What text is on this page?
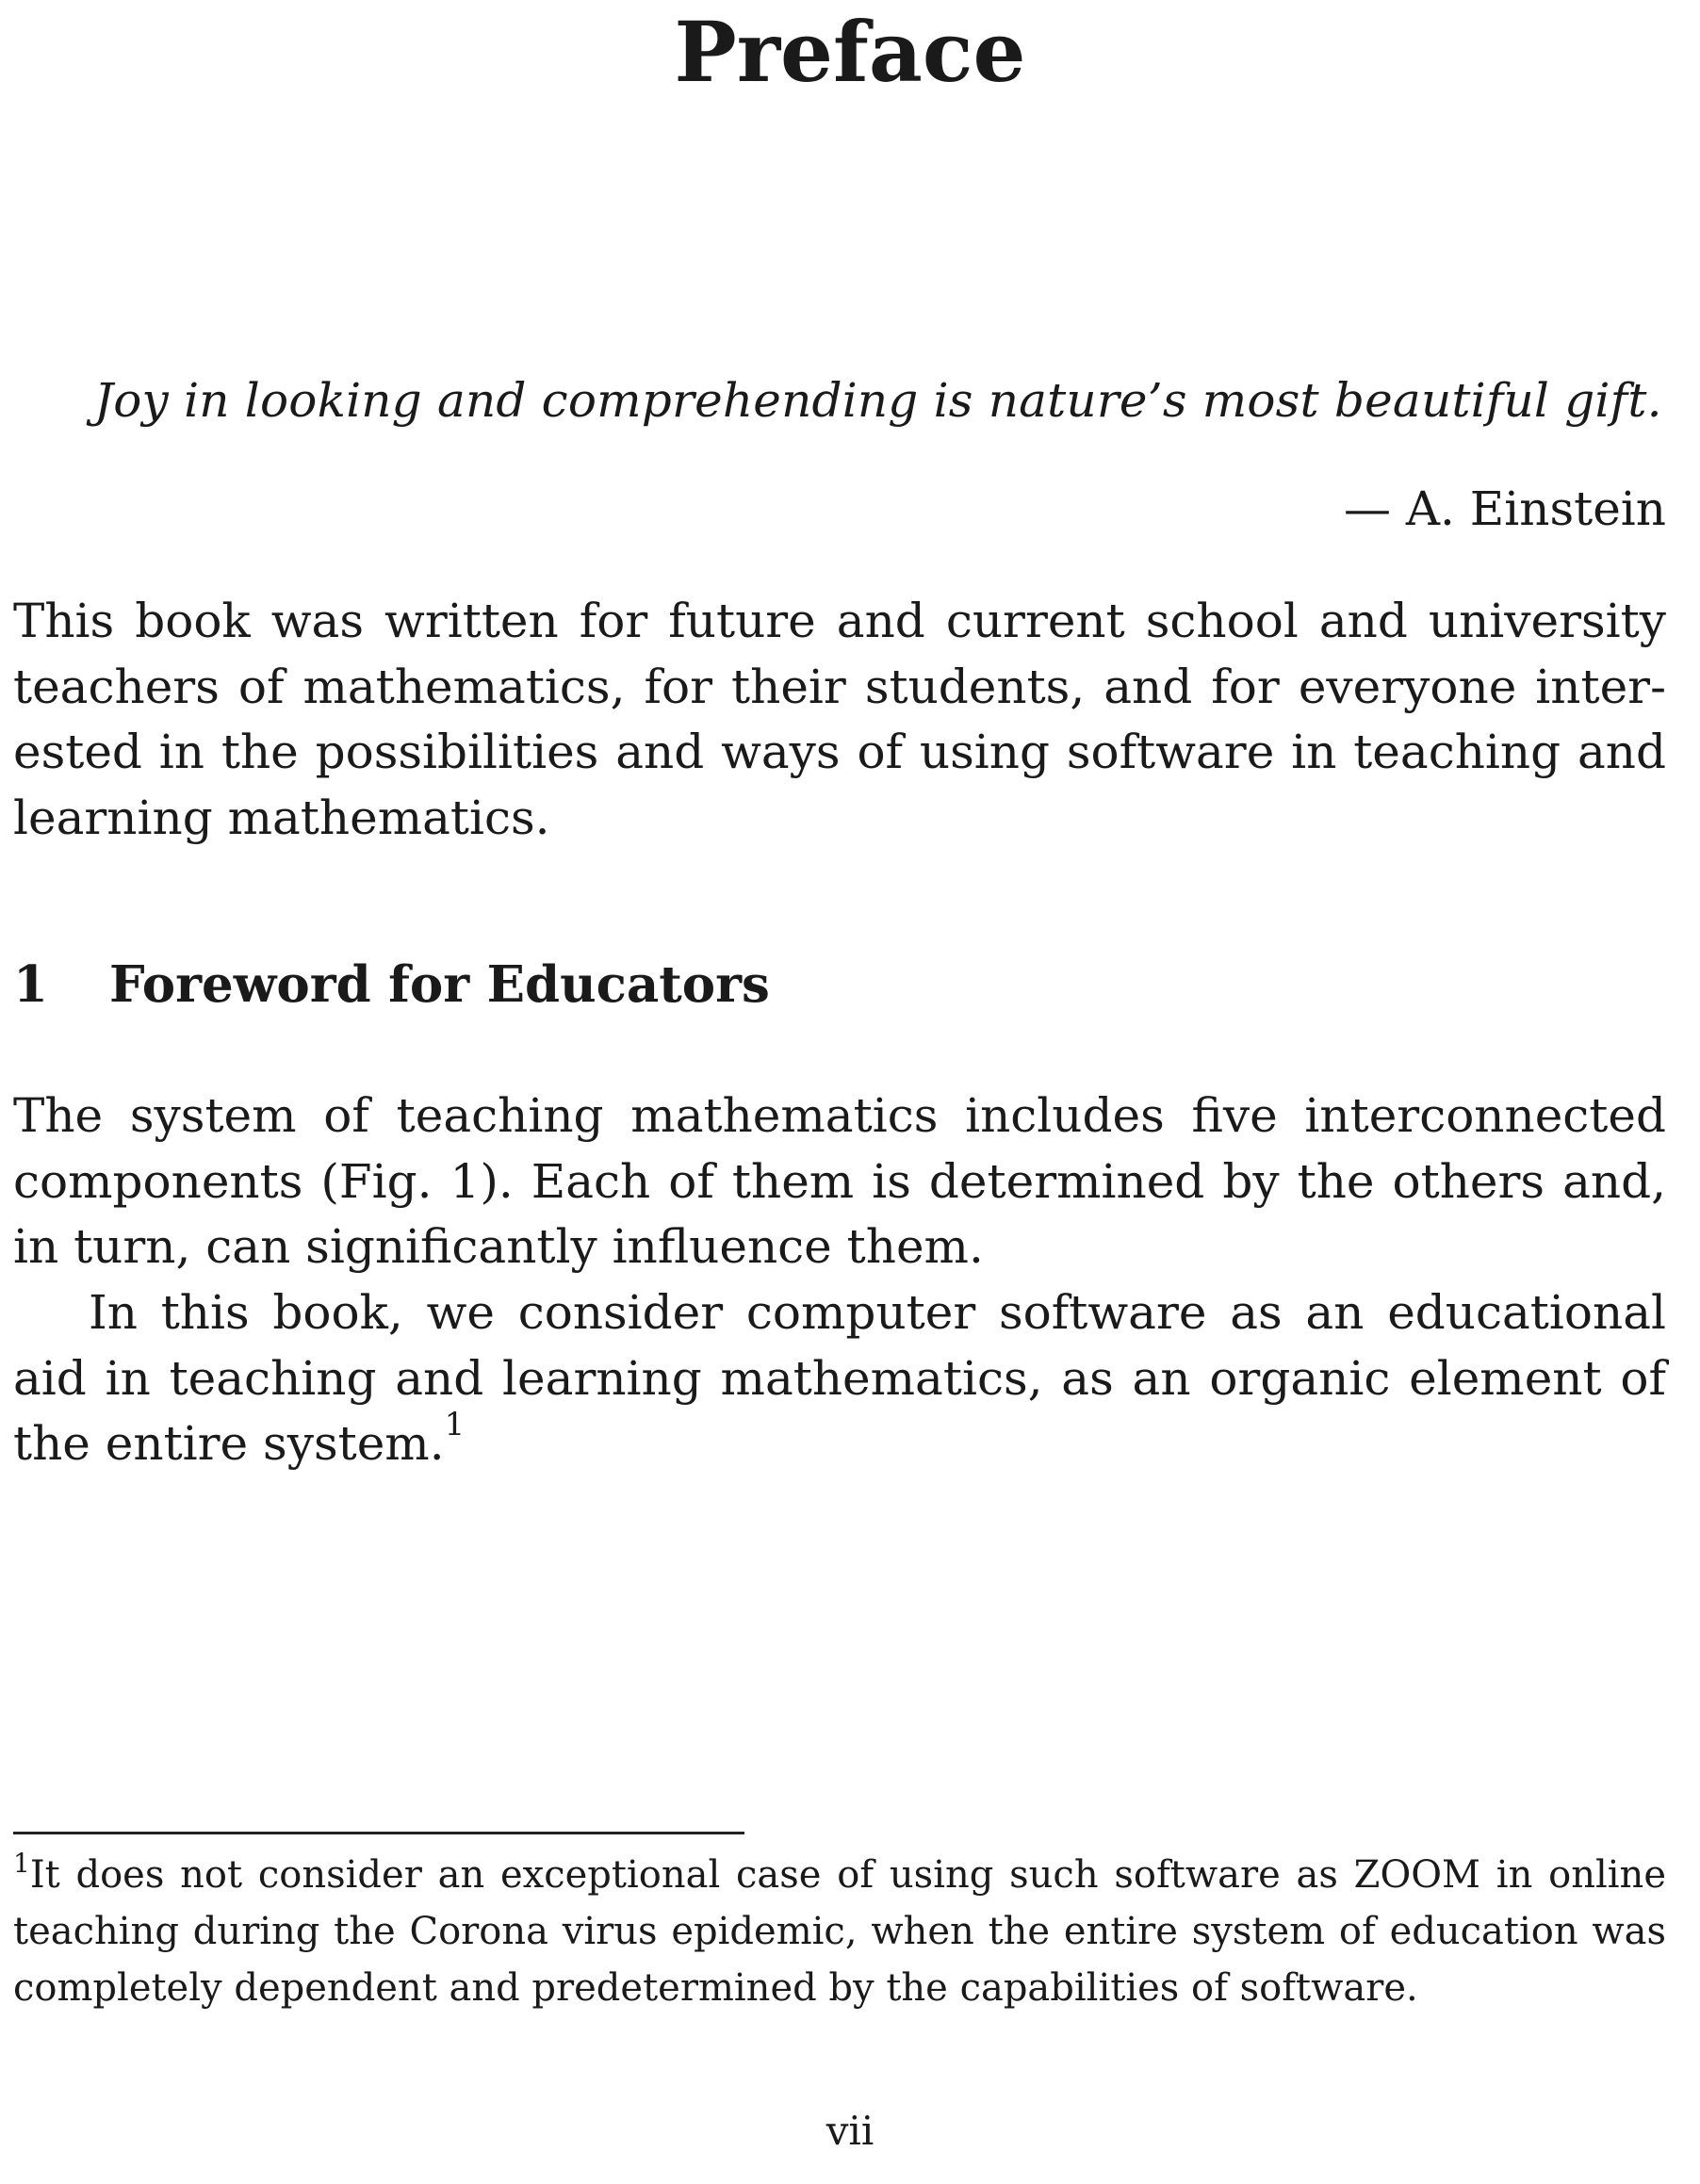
Preface

Joy in looking and comprehending is nature’s most beautiful gift.

— A. Einstein

This book was written for future and current school and university teachers of mathematics, for their students, and for everyone interested in the possibilities and ways of using software in teaching and learning mathematics.

1 Foreword for Educators

The system of teaching mathematics includes five interconnected components (Fig. 1). Each of them is determined by the others and, in turn, can significantly influence them.

In this book, we consider computer software as an educational aid in teaching and learning mathematics, as an organic element of the entire system.$^1$

$^1$It does not consider an exceptional case of using such software as ZOOM in online teaching during the Corona virus epidemic, when the entire system of education was completely dependent and predetermined by the capabilities of software.

vii
